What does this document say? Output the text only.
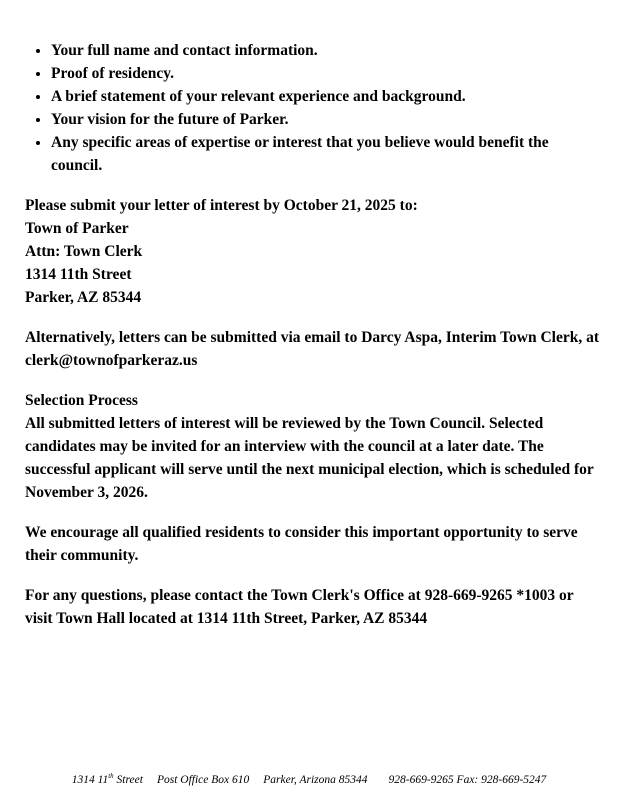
• Your full name and contact information.
• Proof of residency.
• A brief statement of your relevant experience and background.
• Your vision for the future of Parker.
• Any specific areas of expertise or interest that you believe would benefit the council.

Please submit your letter of interest by October 21, 2025 to:

Town of Parker

Attn: Town Clerk

1314 11th Street

Parker, AZ 85344

Alternatively, letters can be submitted via email to Darcy Aspa, Interim Town Clerk, at clerk@townofparkeraz.us

Selection Process

All submitted letters of interest will be reviewed by the Town Council. Selected candidates may be invited for an interview with the council at a later date. The successful applicant will serve until the next municipal election, which is scheduled for November 3, 2026.

We encourage all qualified residents to consider this important opportunity to serve their community.

For any questions, please contact the Town Clerk's Office at 928-669-9265 *1003 or visit Town Hall located at 1314 11th Street, Parker, AZ 85344

1314 11th Street Post Office Box 610 Parker, Arizona 85344 928-669-9265 Fax: 928-669-5247
